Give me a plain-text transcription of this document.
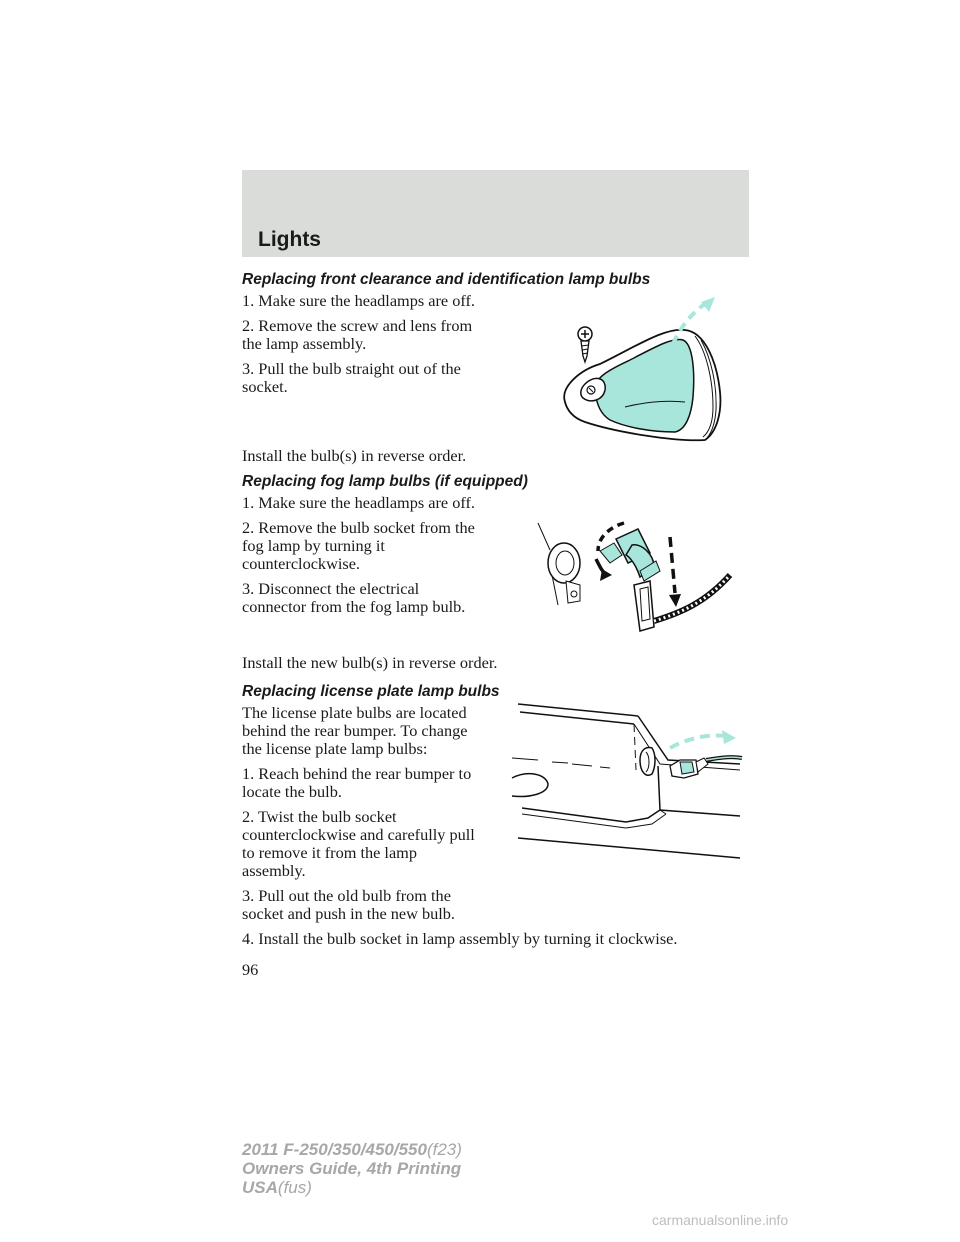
Lights
Replacing front clearance and identification lamp bulbs
1. Make sure the headlamps are off.
2. Remove the screw and lens from
the lamp assembly.
3. Pull the bulb straight out of the
socket.
Install the bulb(s) in reverse order.
Replacing fog lamp bulbs (if equipped)
1. Make sure the headlamps are off.
2. Remove the bulb socket from the
fog lamp by turning it
counterclockwise.
3. Disconnect the electrical
connector from the fog lamp bulb.
Install the new bulb(s) in reverse order.
Replacing license plate lamp bulbs
The license plate bulbs are located
behind the rear bumper. To change
the license plate lamp bulbs:
1. Reach behind the rear bumper to
locate the bulb.
2. Twist the bulb socket
counterclockwise and carefully pull
to remove it from the lamp
assembly.
3. Pull out the old bulb from the
socket and push in the new bulb.
4. Install the bulb socket in lamp assembly by turning it clockwise.
96
2011 F-250/350/450/550(f23)
Owners Guide, 4th Printing
USA(fus)
carmanualsonline.info
